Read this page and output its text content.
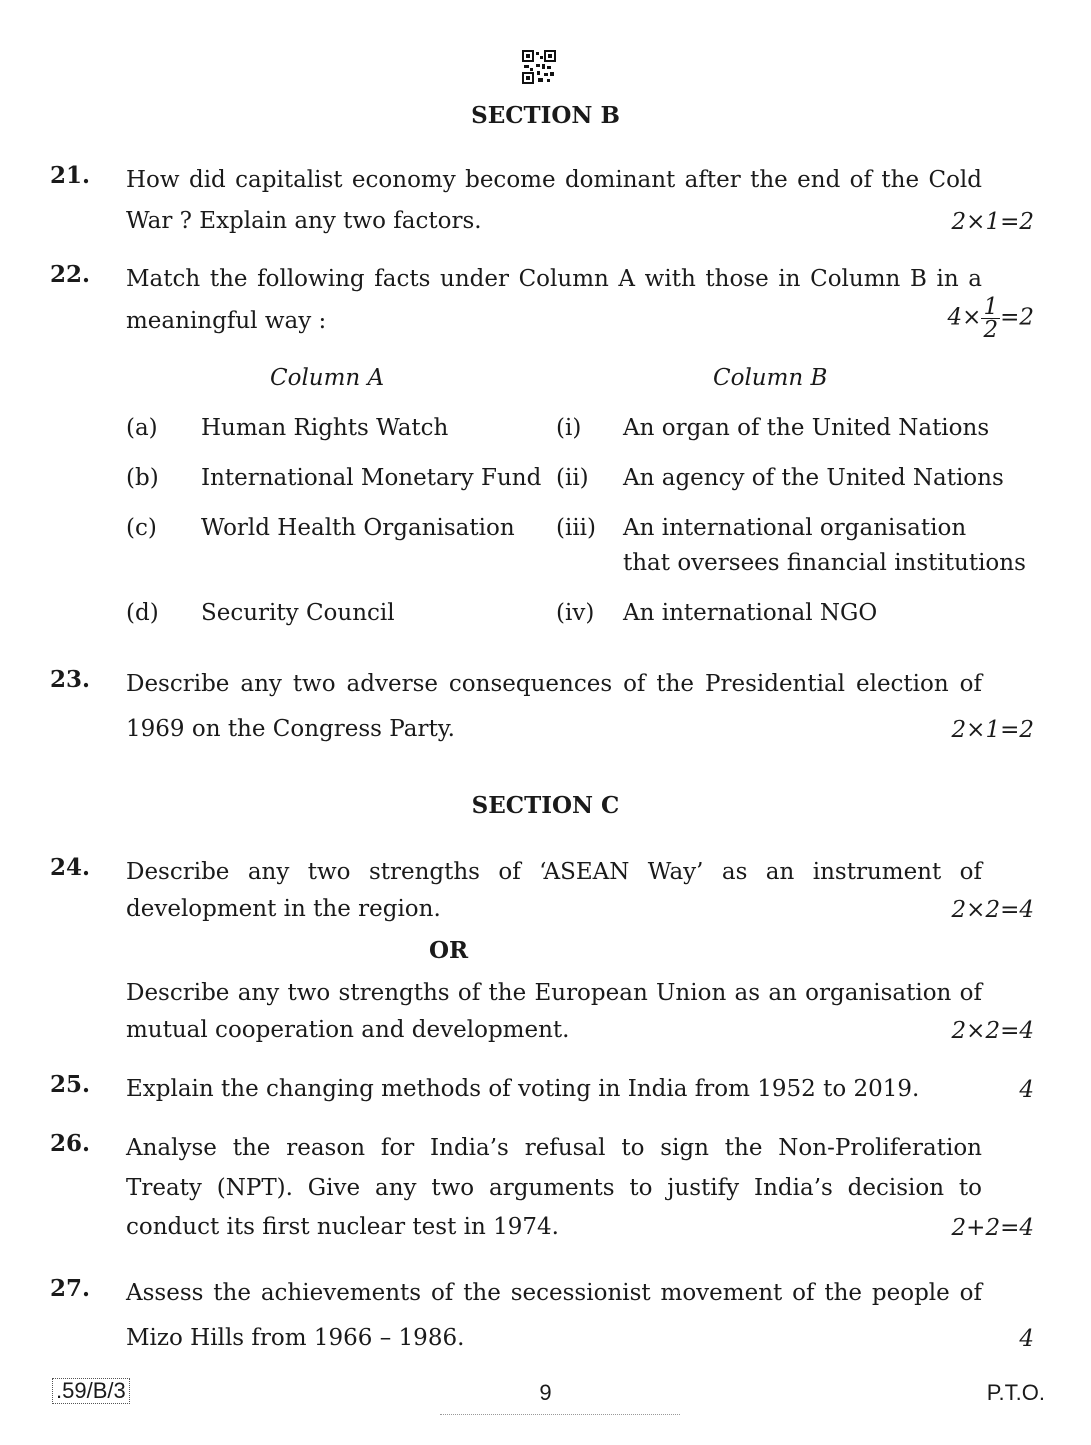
SECTION B
21. How did capitalist economy become dominant after the end of the Cold
War ? Explain any two factors.	2×1=2
22. Match the following facts under Column A with those in Column B in a
meaningful way :	$4\times \frac{1}{2} =2$
Column A	Column B
(a) Human Rights Watch	(i) An organ of the United Nations
(b) International Monetary Fund (ii) An agency of the United Nations
(c) World Health Organisation (iii) An international organisation
that oversees financial institutions
(d) Security Council	(iv) An international NGO
23. Describe any two adverse consequences of the Presidential election of
1969 on the Congress Party.	2×1=2
SECTION C
24. Describe any two strengths of ‘ASEAN Way’ as an instrument of
development in the region.	2×2=4
OR
Describe any two strengths of the European Union as an organisation of
mutual cooperation and development.	2×2=4
25. Explain the changing methods of voting in India from 1952 to 2019.	4
26. Analyse the reason for India’s refusal to sign the Non-Proliferation
Treaty (NPT). Give any two arguments to justify India’s decision to
conduct its first nuclear test in 1974.	2+2=4
27. Assess the achievements of the secessionist movement of the people of
Mizo Hills from 1966 – 1986.	4
.59/B/3	9	P.T.O.
